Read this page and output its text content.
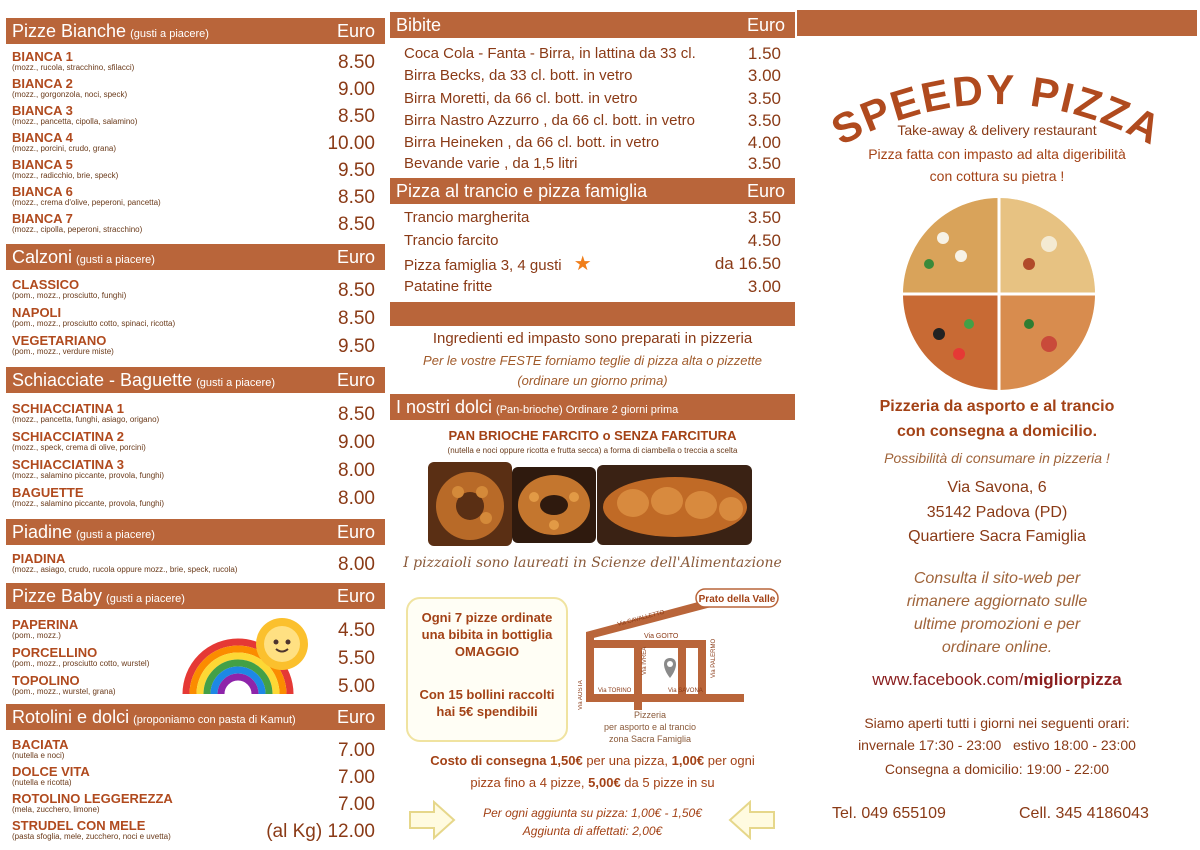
Pizze Bianche (gusti a piacere)	Euro
BIANCA 1
(mozz., rucola, stracchino, sfilacci)	8.50
BIANCA 2
(mozz., gorgonzola, noci, speck)	9.00
BIANCA 3
(mozz., pancetta, cipolla, salamino)	8.50
BIANCA 4
(mozz., porcini, crudo, grana)	10.00
BIANCA 5
(mozz., radicchio, brie, speck)	9.50
BIANCA 6
(mozz., crema d'olive, peperoni, pancetta)	8.50
BIANCA 7
(mozz., cipolla, peperoni, stracchino)	8.50
Calzoni (gusti a piacere)	Euro
CLASSICO
(pom., mozz., prosciutto, funghi)	8.50
NAPOLI
(pom., mozz., prosciutto cotto, spinaci, ricotta)	8.50
VEGETARIANO
(pom., mozz., verdure miste)	9.50
Schiacciate - Baguette (gusti a piacere)	Euro
SCHIACCIATINA 1
(mozz., pancetta, funghi, asiago, origano)	8.50
SCHIACCIATINA 2
(mozz., speck, crema di olive, porcini)	9.00
SCHIACCIATINA 3
(mozz., salamino piccante, provola, funghi)	8.00
BAGUETTE
(mozz., salamino piccante, provola, funghi)	8.00
Piadine (gusti a piacere)	Euro
PIADINA
(mozz., asiago, crudo, rucola oppure mozz., brie, speck, rucola)	8.00
Pizze Baby (gusti a piacere)	Euro
PAPERINA
(pom., mozz.)	4.50
PORCELLINO
(pom., mozz., prosciutto cotto, wurstel)	5.50
TOPOLINO
(pom., mozz., wurstel, grana)	5.00
Rotolini e dolci (proponiamo con pasta di Kamut) Euro
BACIATA
(nutella e noci)	7.00
DOLCE VITA
(nutella e ricotta)	7.00
ROTOLINO LEGGEREZZA
(mela, zucchero, limone)	7.00
STRUDEL CON MELE
(pasta sfoglia, mele, zucchero, noci e uvetta)	(al Kg) 12.00
Bibite	Euro
Coca Cola - Fanta - Birra, in lattina da 33 cl.	1.50
Birra Becks, da 33 cl. bott. in vetro	3.00
Birra Moretti, da 66 cl. bott. in vetro	3.50
Birra Nastro Azzurro , da 66 cl. bott. in vetro	3.50
Birra Heineken , da 66 cl. bott. in vetro	4.00
Bevande varie , da 1,5 litri	3.50
Pizza al trancio e pizza famiglia	Euro
Trancio margherita	3.50
Trancio farcito	4.50
Pizza famiglia 3, 4 gusti ★	da 16.50
Patatine fritte	3.00
Ingredienti ed impasto sono preparati in pizzeria
Per le vostre FESTE forniamo teglie di pizza alta o pizzette
(ordinare un giorno prima)
I nostri dolci (Pan-brioche) Ordinare 2 giorni prima
PAN BRIOCHE FARCITO o SENZA FARCITURA
(nutella e noci oppure ricotta e frutta secca) a forma di ciambella o treccia a scelta
I pizzaioli sono laureati in Scienze dell'Alimentazione
Ogni 7 pizze ordinate
una bibita in bottiglia
OMAGGIO
Con 15 bollini raccolti
hai 5€ spendibili
Prato della Valle
Via CAVALLETTO
Via GOITO
Via TORINO	Via SAVONA
Via AOSTA
Via IVREA	Via PALERMO
Pizzeria
per asporto e al trancio
zona Sacra Famiglia
Costo di consegna 1,50€ per una pizza, 1,00€ per ogni
pizza fino a 4 pizze, 5,00€ da 5 pizze in su
Per ogni aggiunta su pizza: 1,00€ - 1,50€
Aggiunta di affettati: 2,00€
SPEEDY PIZZA
Take-away & delivery restaurant
Pizza fatta con impasto ad alta digeribilità
con cottura su pietra !
Pizzeria da asporto e al trancio
con consegna a domicilio.
Possibilità di consumare in pizzeria !
Via Savona, 6
35142 Padova (PD)
Quartiere Sacra Famiglia
Consulta il sito-web per
rimanere aggiornato sulle
ultime promozioni e per
ordinare online.
www.facebook.com/migliorpizza
Siamo aperti tutti i giorni nei seguenti orari:
invernale 17:30 - 23:00   estivo 18:00 - 23:00
Consegna a domicilio: 19:00 - 22:00
Tel. 049 655109	Cell. 345 4186043
